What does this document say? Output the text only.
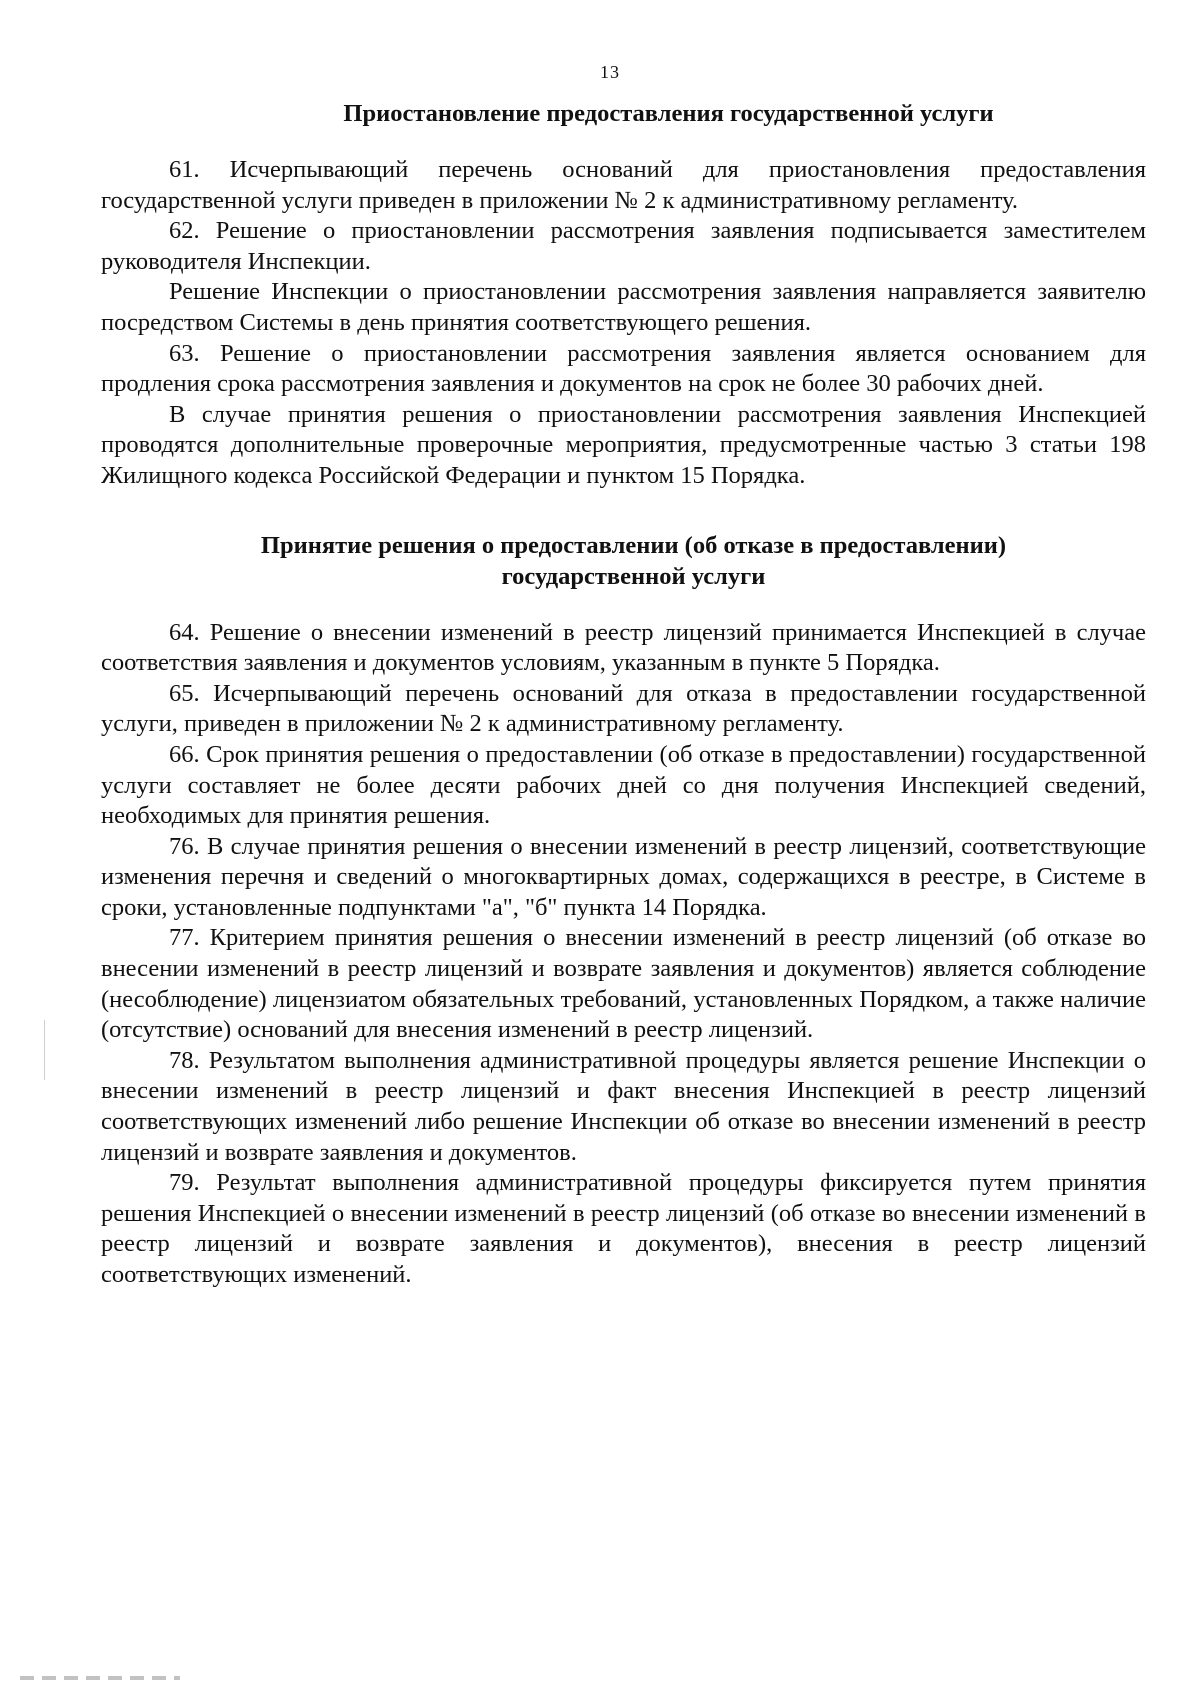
13
Приостановление предоставления государственной услуги

61. Исчерпывающий перечень оснований для приостановления предоставления государственной услуги приведен в приложении № 2 к административному регламенту.

62. Решение о приостановлении рассмотрения заявления подписывается заместителем руководителя Инспекции.

Решение Инспекции о приостановлении рассмотрения заявления направляется заявителю посредством Системы в день принятия соответствующего решения.

63. Решение о приостановлении рассмотрения заявления является основанием для продления срока рассмотрения заявления и документов на срок не более 30 рабочих дней.

В случае принятия решения о приостановлении рассмотрения заявления Инспекцией проводятся дополнительные проверочные мероприятия, предусмотренные частью 3 статьи 198 Жилищного кодекса Российской Федерации и пунктом 15 Порядка.

Принятие решения о предоставлении (об отказе в предоставлении)
государственной услуги

64. Решение о внесении изменений в реестр лицензий принимается Инспекцией в случае соответствия заявления и документов условиям, указанным в пункте 5 Порядка.

65. Исчерпывающий перечень оснований для отказа в предоставлении государственной услуги, приведен в приложении № 2 к административному регламенту.

66. Срок принятия решения о предоставлении (об отказе в предоставлении) государственной услуги составляет не более десяти рабочих дней со дня получения Инспекцией сведений, необходимых для принятия решения.

76. В случае принятия решения о внесении изменений в реестр лицензий, соответствующие изменения перечня и сведений о многоквартирных домах, содержащихся в реестре, в Системе в сроки, установленные подпунктами "а", "б" пункта 14 Порядка.

77. Критерием принятия решения о внесении изменений в реестр лицензий (об отказе во внесении изменений в реестр лицензий и возврате заявления и документов) является соблюдение (несоблюдение) лицензиатом обязательных требований, установленных Порядком, а также наличие (отсутствие) оснований для внесения изменений в реестр лицензий.

78. Результатом выполнения административной процедуры является решение Инспекции о внесении изменений в реестр лицензий и факт внесения Инспекцией в реестр лицензий соответствующих изменений либо решение Инспекции об отказе во внесении изменений в реестр лицензий и возврате заявления и документов.

79. Результат выполнения административной процедуры фиксируется путем принятия решения Инспекцией о внесении изменений в реестр лицензий (об отказе во внесении изменений в реестр лицензий и возврате заявления и документов), внесения в реестр лицензий соответствующих изменений.
